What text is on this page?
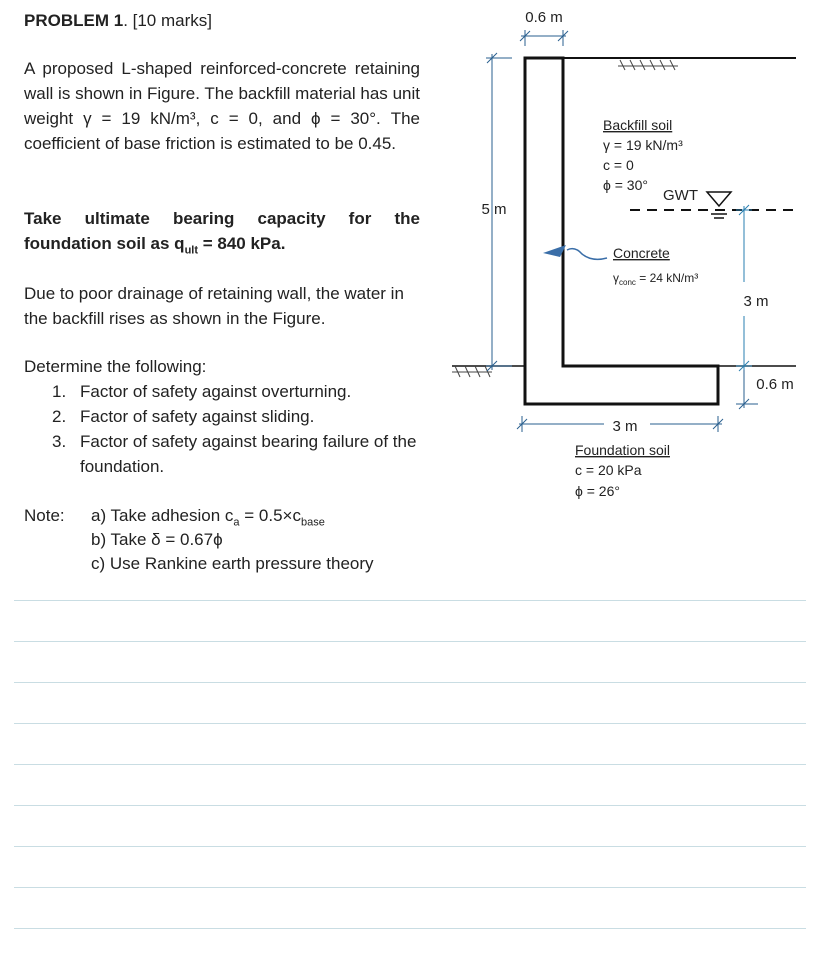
PROBLEM 1. [10 marks]
A proposed L-shaped reinforced-concrete retaining wall is shown in Figure. The backfill material has unit weight γ = 19 kN/m³, c = 0, and ϕ = 30°. The coefficient of base friction is estimated to be 0.45.
Take ultimate bearing capacity for the foundation soil as $q_{ult} = 840$ kPa.
Due to poor drainage of retaining wall, the water in the backfill rises as shown in the Figure.
Determine the following:
1. Factor of safety against overturning.
2. Factor of safety against sliding.
3. Factor of safety against bearing failure of the foundation.
Note: a) Take adhesion $c_a = 0.5\times c_{base}$
b) Take δ = 0.67ϕ
c) Use Rankine earth pressure theory
0.6 m
5 m
3 m
3 m
0.6 m
GWT
Backfill soil
γ = 19 kN/m³
c = 0
ϕ = 30°
Concrete
$\gamma_{conc} = 24$ kN/m³
Foundation soil
c = 20 kPa
ϕ = 26°
